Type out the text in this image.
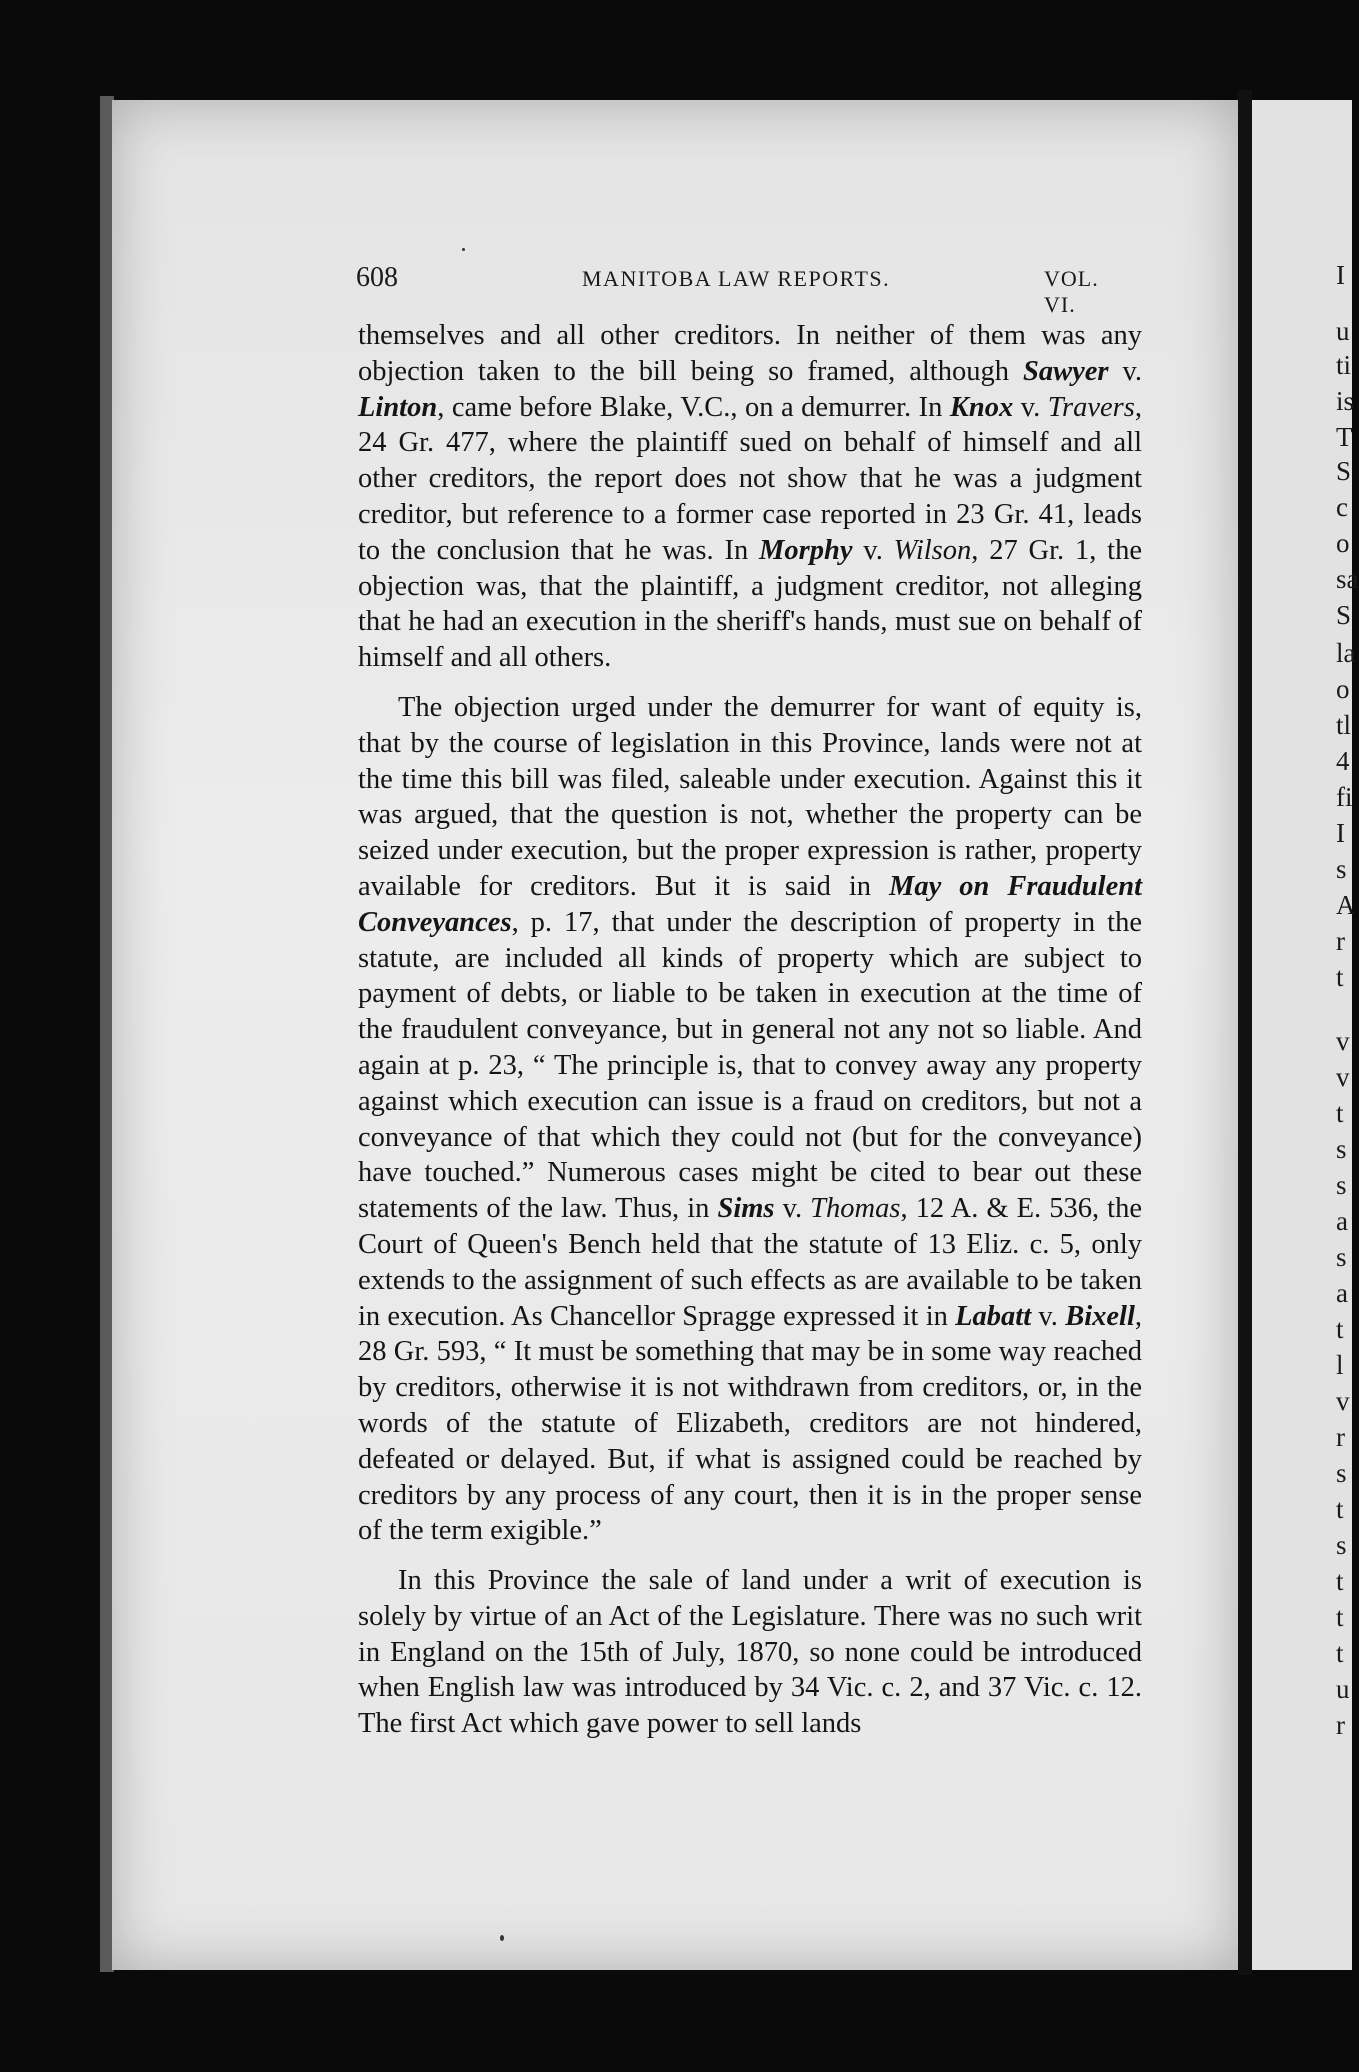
I
u
ti
is
T
S
c
o
sa
S
la
o
tl
4
fi
I
s
A
r
t
v
v
t
s
s
a
s
a
t
l
v
r
s
t
s
t
t
t
u
r
608	MANITOBA LAW REPORTS.	VOL. VI.

themselves and all other creditors. In neither of them was any objection taken to the bill being so framed, although Sawyer v. Linton, came before Blake, V.C., on a demurrer. In Knox v. Travers, 24 Gr. 477, where the plaintiff sued on behalf of himself and all other creditors, the report does not show that he was a judgment creditor, but reference to a former case reported in 23 Gr. 41, leads to the conclusion that he was. In Morphy v. Wilson, 27 Gr. 1, the objection was, that the plaintiff, a judgment creditor, not alleging that he had an execution in the sheriff's hands, must sue on behalf of himself and all others.

The objection urged under the demurrer for want of equity is, that by the course of legislation in this Province, lands were not at the time this bill was filed, saleable under execution. Against this it was argued, that the question is not, whether the property can be seized under execution, but the proper expression is rather, property available for creditors. But it is said in May on Fraudulent Conveyances, p. 17, that under the description of property in the statute, are included all kinds of property which are subject to payment of debts, or liable to be taken in execution at the time of the fraudulent conveyance, but in general not any not so liable. And again at p. 23, “ The principle is, that to convey away any property against which execution can issue is a fraud on creditors, but not a conveyance of that which they could not (but for the conveyance) have touched.” Numerous cases might be cited to bear out these statements of the law. Thus, in Sims v. Thomas, 12 A. & E. 536, the Court of Queen's Bench held that the statute of 13 Eliz. c. 5, only extends to the assignment of such effects as are available to be taken in execution. As Chancellor Spragge expressed it in Labatt v. Bixell, 28 Gr. 593, “ It must be something that may be in some way reached by creditors, otherwise it is not withdrawn from creditors, or, in the words of the statute of Elizabeth, creditors are not hindered, defeated or delayed. But, if what is assigned could be reached by creditors by any process of any court, then it is in the proper sense of the term exigible.”

In this Province the sale of land under a writ of execution is solely by virtue of an Act of the Legislature. There was no such writ in England on the 15th of July, 1870, so none could be introduced when English law was introduced by 34 Vic. c. 2, and 37 Vic. c. 12. The first Act which gave power to sell lands
